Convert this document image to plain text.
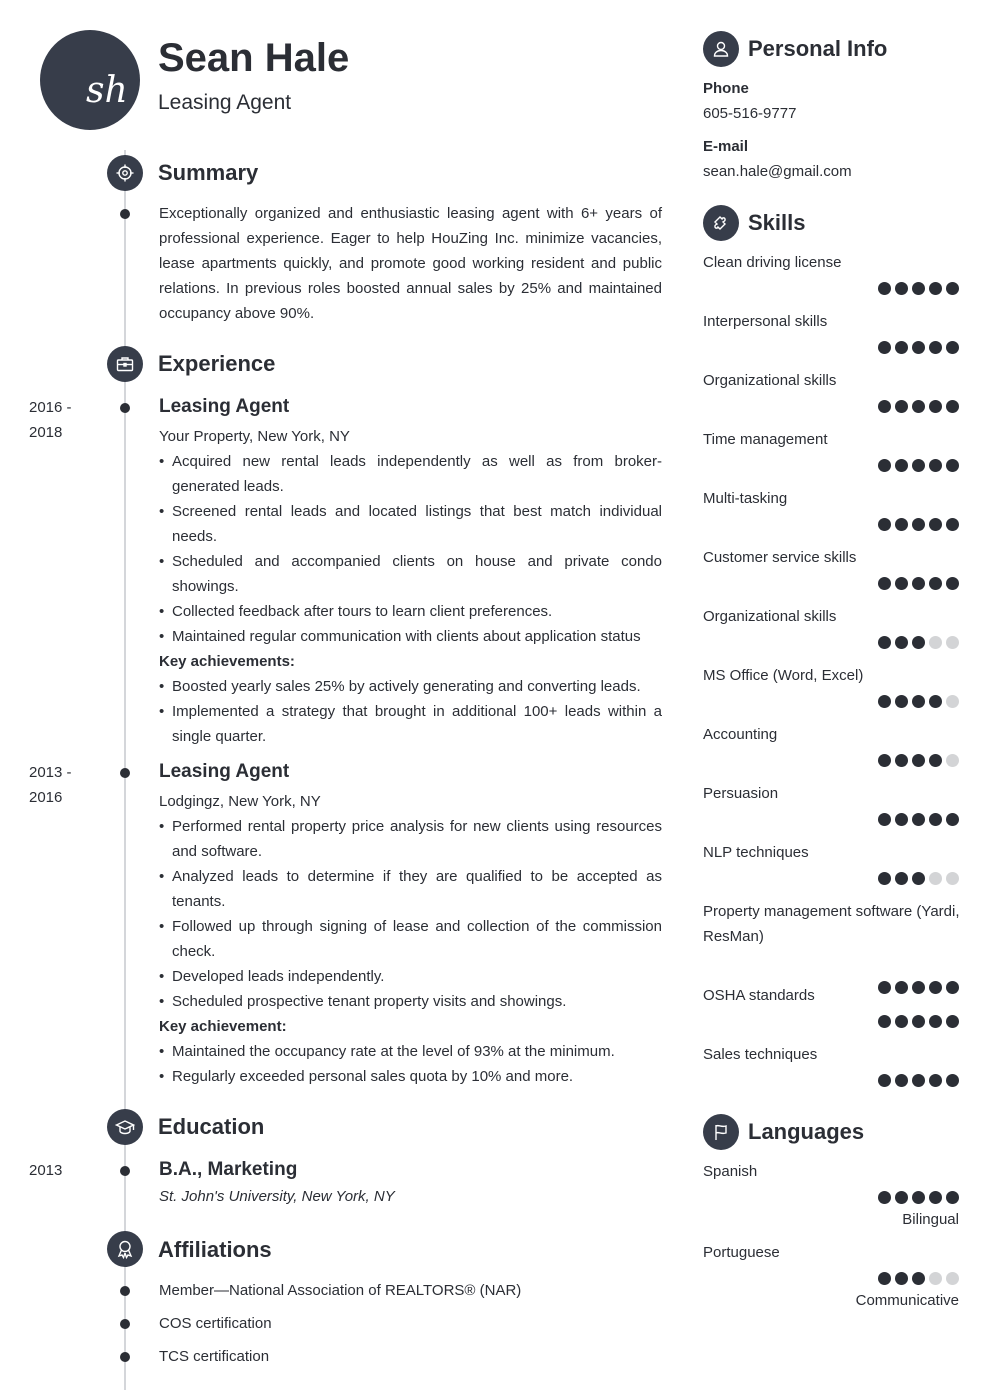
sh
Sean Hale
Leasing Agent
Summary
Exceptionally organized and enthusiastic leasing agent with 6+ years of professional experience. Eager to help HouZing Inc. minimize vacancies, lease apartments quickly, and promote good working resident and public relations. In previous roles boosted annual sales by 25% and maintained occupancy above 90%.
Experience
2016 -
2018
Leasing Agent
Your Property, New York, NY
• Acquired new rental leads independently as well as from broker-generated leads.
• Screened rental leads and located listings that best match individual needs.
• Scheduled and accompanied clients on house and private condo showings.
• Collected feedback after tours to learn client preferences.
• Maintained regular communication with clients about application status
Key achievements:
• Boosted yearly sales 25% by actively generating and converting leads.
• Implemented a strategy that brought in additional 100+ leads within a single quarter.
2013 -
2016
Leasing Agent
Lodgingz, New York, NY
• Performed rental property price analysis for new clients using resources and software.
• Analyzed leads to determine if they are qualified to be accepted as tenants.
• Followed up through signing of lease and collection of the commission check.
• Developed leads independently.
• Scheduled prospective tenant property visits and showings.
Key achievement:
• Maintained the occupancy rate at the level of 93% at the minimum.
• Regularly exceeded personal sales quota by 10% and more.
Education
2013	B.A., Marketing
St. John's University, New York, NY
Affiliations
Member—National Association of REALTORS® (NAR)
COS certification
TCS certification
Personal Info
Phone
605-516-9777
E-mail
sean.hale@gmail.com
Skills
Clean driving license
Interpersonal skills
Organizational skills
Time management
Multi-tasking
Customer service skills
Organizational skills
MS Office (Word, Excel)
Accounting
Persuasion
NLP techniques
Property management software (Yardi, ResMan)
OSHA standards
Sales techniques
Languages
Spanish
Bilingual
Portuguese
Communicative
